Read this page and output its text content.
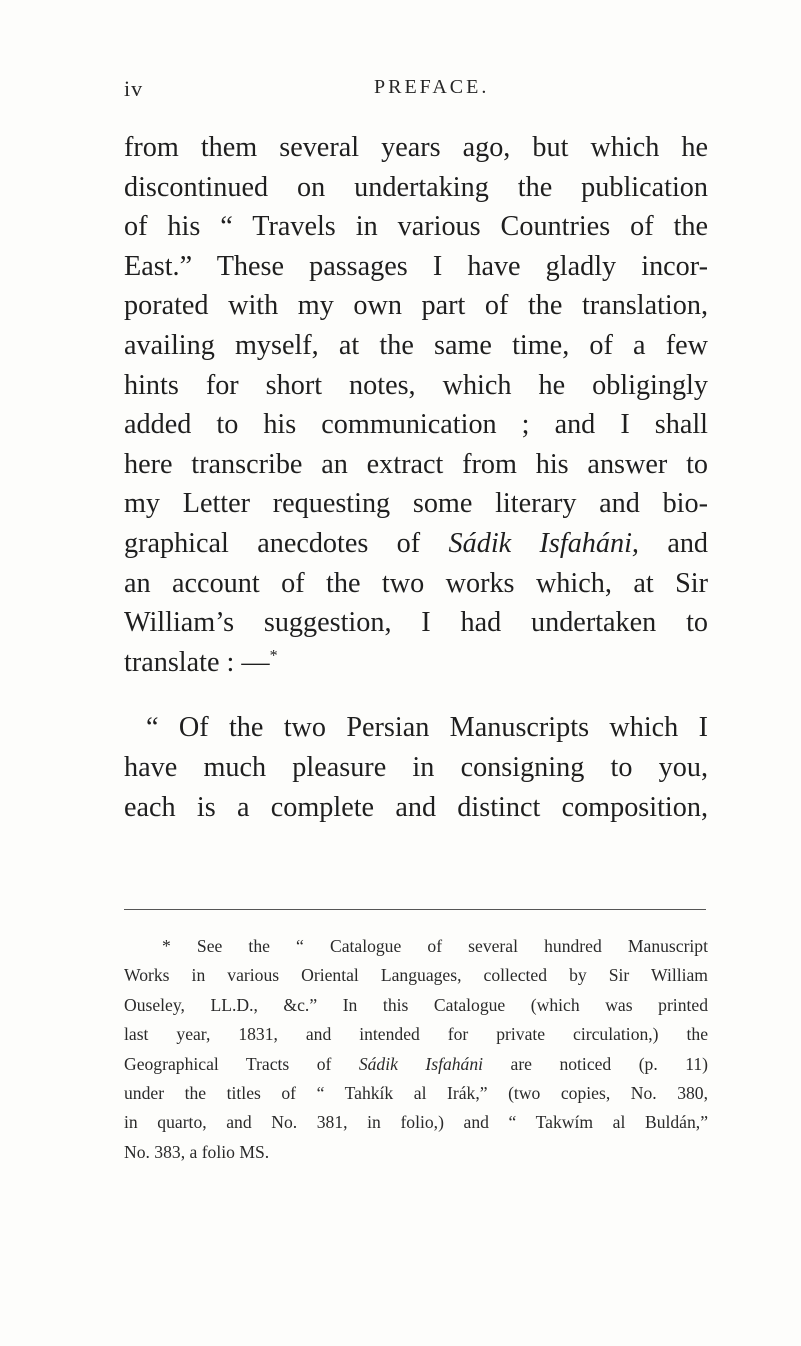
iv	PREFACE.
from them several years ago, but which he
discontinued on undertaking the publication
of his “ Travels in various Countries of the
East.” These passages I have gladly incor-
porated with my own part of the translation,
availing myself, at the same time, of a few
hints for short notes, which he obligingly
added to his communication ; and I shall
here transcribe an extract from his answer to
my Letter requesting some literary and bio-
graphical anecdotes of Sádik Isfaháni, and
an account of the two works which, at Sir
William’s suggestion, I had undertaken to
translate : —*
“ Of the two Persian Manuscripts which I
have much pleasure in consigning to you,
each is a complete and distinct composition,
* See the “ Catalogue of several hundred Manuscript
Works in various Oriental Languages, collected by Sir William
Ouseley, LL.D., &c.” In this Catalogue (which was printed
last year, 1831, and intended for private circulation,) the
Geographical Tracts of Sádik Isfaháni are noticed (p. 11)
under the titles of “ Tahkík al Irák,” (two copies, No. 380,
in quarto, and No. 381, in folio,) and “ Takwím al Buldán,”
No. 383, a folio MS.
